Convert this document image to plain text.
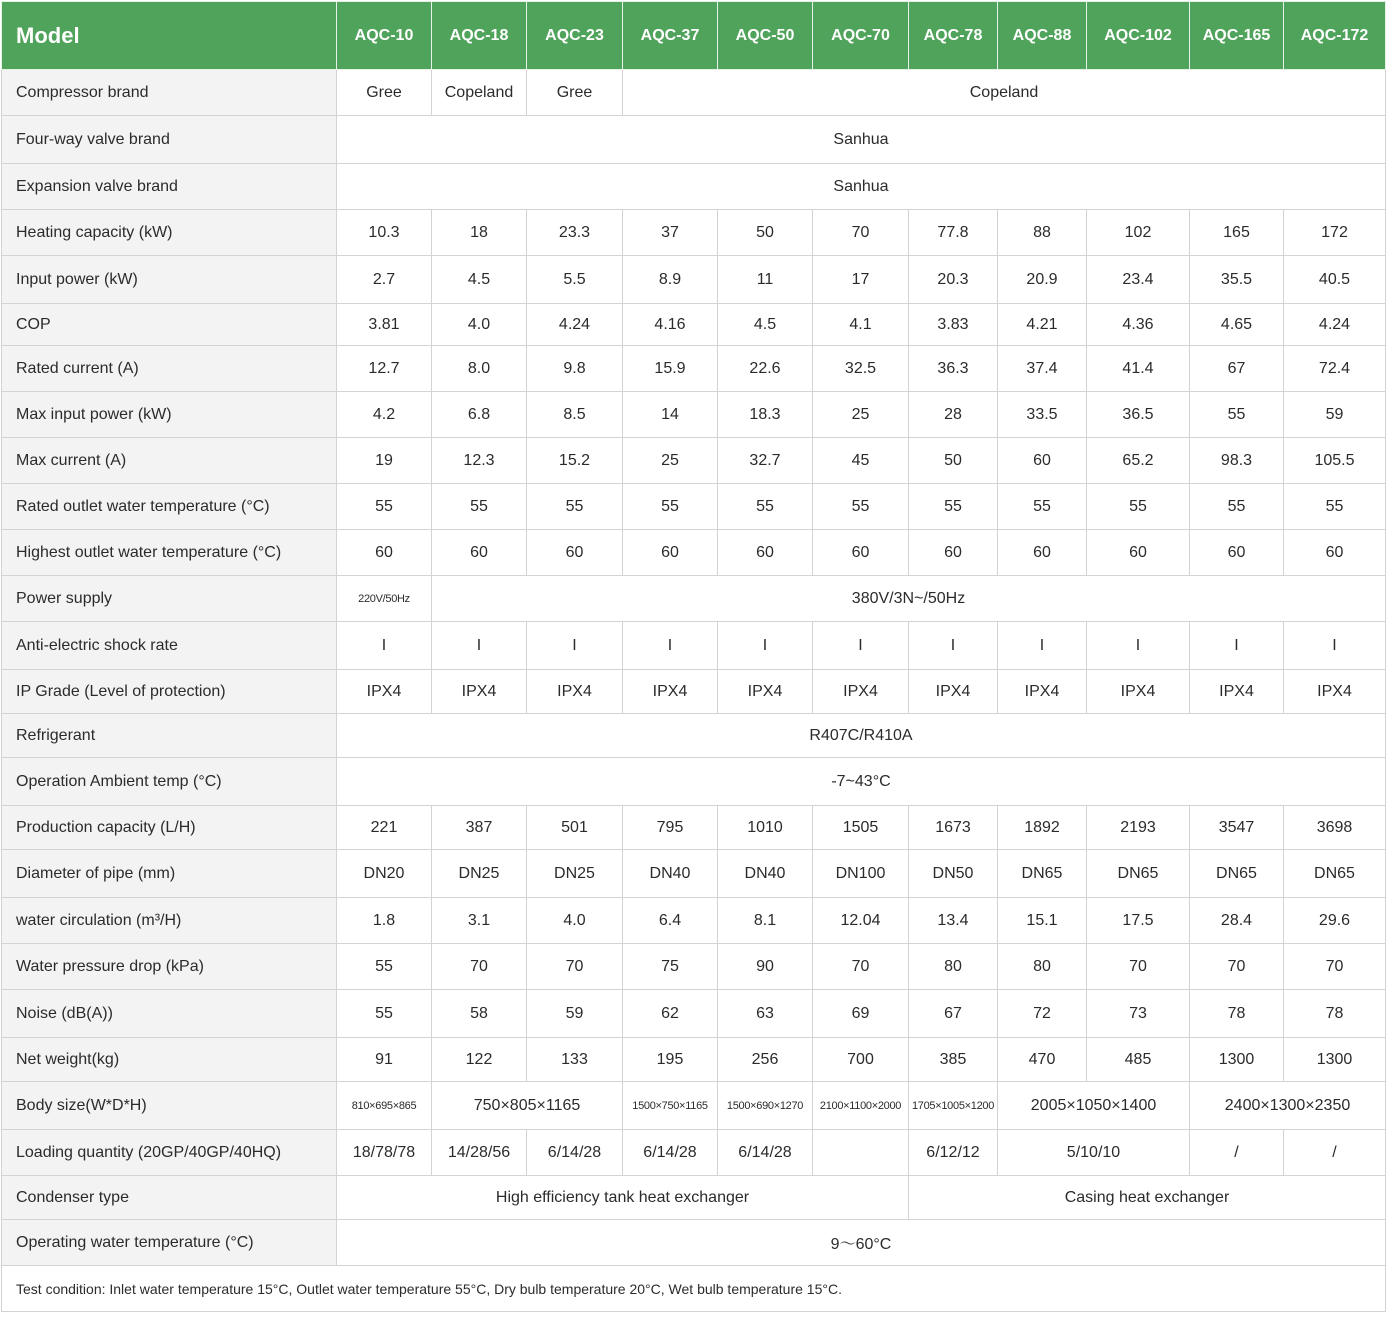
Model	AQC-10	AQC-18	AQC-23	AQC-37	AQC-50	AQC-70	AQC-78	AQC-88	AQC-102	AQC-165	AQC-172
Compressor brand	Gree	Copeland	Gree	Copeland							
Four-way valve brand	Sanhua										
Expansion valve brand	Sanhua										
Heating capacity (kW)	10.3	18	23.3	37	50	70	77.8	88	102	165	172
Input power (kW)	2.7	4.5	5.5	8.9	11	17	20.3	20.9	23.4	35.5	40.5
COP	3.81	4.0	4.24	4.16	4.5	4.1	3.83	4.21	4.36	4.65	4.24
Rated current (A)	12.7	8.0	9.8	15.9	22.6	32.5	36.3	37.4	41.4	67	72.4
Max input power (kW)	4.2	6.8	8.5	14	18.3	25	28	33.5	36.5	55	59
Max current (A)	19	12.3	15.2	25	32.7	45	50	60	65.2	98.3	105.5
Rated outlet water temperature (°C)	55	55	55	55	55	55	55	55	55	55	55
Highest outlet water temperature (°C)	60	60	60	60	60	60	60	60	60	60	60
Power supply	220V/50Hz	380V/3N~/50Hz									
Anti-electric shock rate	I	I	I	I	I	I	I	I	I	I	I
IP Grade (Level of protection)	IPX4	IPX4	IPX4	IPX4	IPX4	IPX4	IPX4	IPX4	IPX4	IPX4	IPX4
Refrigerant	R407C/R410A										
Operation Ambient temp (°C)	-7~43°C										
Production capacity (L/H)	221	387	501	795	1010	1505	1673	1892	2193	3547	3698
Diameter of pipe (mm)	DN20	DN25	DN25	DN40	DN40	DN100	DN50	DN65	DN65	DN65	DN65
water circulation (m³/H)	1.8	3.1	4.0	6.4	8.1	12.04	13.4	15.1	17.5	28.4	29.6
Water pressure drop (kPa)	55	70	70	75	90	70	80	80	70	70	70
Noise (dB(A))	55	58	59	62	63	69	67	72	73	78	78
Net weight(kg)	91	122	133	195	256	700	385	470	485	1300	1300
Body size(W*D*H)	810×695×865	750×805×1165		1500×750×1165	1500×690×1270	2100×1100×2000	1705×1005×1200	2005×1050×1400		2400×1300×2350	
Loading quantity (20GP/40GP/40HQ)	18/78/78	14/28/56	6/14/28	6/14/28	6/14/28		6/12/12	5/10/10		/	/
Condenser type	High efficiency tank heat exchanger						Casing heat exchanger				
Operating water temperature (°C)	9～60°C										
Test condition: Inlet water temperature 15°C, Outlet water temperature 55°C, Dry bulb temperature 20°C, Wet bulb temperature 15°C.											
